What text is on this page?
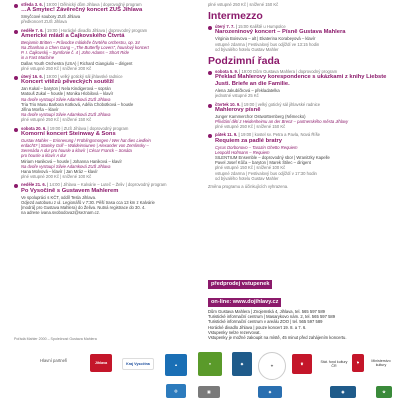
středa 3. 6. | 19:00 | Dělnický dům Jihlava | doprovodný program
…A Smytec! Závěrečný koncert ZUŠ Jihlava
Smyčcové soubory ZUŠ Jihlava
předkoncert ZUŠ Jihlava
neděle 7. 6. | 19:00 | Horácké divadlo Jihlava | doprovodný program
Americké mládí a Čajkovského Čtvrtá
Benjamin Britten – Průvodce mládeže čtvrtého orchestru, op. 34
Na Zhanhao a Chen Gang – „The Butterfly Lovers“, houslový koncert
P. I. Čajkovskij – Symfonie č. 4 | John Adams – Short Ride
in a Fast Machine
Dallas Youth Orchestra (USA) | Richard Giangiulio – dirigent
plné vstupné 250 Kč | snížené 200 Kč
úterý 16. 6. | 19:00 | velký gotický sál jihlavské radnice
Koncert vítězů pěveckých soutěží
Jan Kukal – baryton | Nela Kindigerová – soprán
Matouš Zukal – housle | Monika Hlobilová – klavír
Na dvoře vystoupí Silvie Adamková ZUŠ Jihlava
Tria Trio Musu Barbora Kotková, Adéla Chobotková – housle
Jiřina Morša – klavír
Na dvoře vystoupí Silvie Adamková ZUŠ Jihlava
plné vstupné 250 Kč | snížené 150 Kč
sobota 20. 6. | 19:00 | ZUŠ Jihlava | doprovodný program
Komorní koncert Steinway & Sons
Gustav Mahler – Erinnerung / Frühlingsmorgen / Wer hat dies Liedlein
erdacht? | Stanley Grill – Waldeinsiunen | Alexander von Zemlinsky –
Serenáda A dur pro housle a klavír | César Franck – Sonáta
pro housle a klavír A dur
Miriam Haniková – housle | Johanna Haniková – klavír
Na dvoře vystoupí Silvie Adamková ZUŠ Jihlava
Hana Molvová – klavír | Jan Mráz – klavír
plné vstupné 200 Kč | snížené 100 Kč
neděle 21. 6. | 14:00 | Jihlava – Kalvárie – Luteč – Želiv | doprovodný program
Po Vysočině s Gustavem Mahlerem
Ve spolupráci s KČT, oddíl Tesla Jihlava.
Odjezd autobusu z ul. Legionářů v 7:30. Pěší trasa cca 13 km z Kalvárie
[modrá] pro Gustava Mahlera) do Želiva. Nutná registrace do 30. 4.
na adrese ivana.svobodova2@seznam.cz.
plné vstupné 250 Kč | snížené 150 Kč
Intermezzo
úterý 7. 7. | 15:00 Kaliště u Humpolce
Narozeninový koncert – Písně Gustava Mahlera
Virginia Boisvova – alt | Ekaterina Korabeyová – klavír
vstupné zdarma | Festivalový bus odjíždí ve 13:15 hodin
od bývalého hotelu Gustav Mahler
Podzimní řada
sobota 5. 9. | 19:00 Dům Gustava Mahlera | doprovodný program
Překlad Mahlerovy korespondence s ukázkami z knihy Liebste Justi. Briefe an die Familie.
Alena Jakubíčková – překladatelka
jednotné vstupné 25 Kč
čtvrtek 10. 9. | 19:00 | velký gotický sál jihlavské radnice
Mahlerovy písně
Junger Kammerchor Ostwürttemberg (Německo)
Přivítání děti z Heidenheimu an der Brenz – partnerského města Jihlavy
plné vstupné 250 Kč | snížené 150 Kč
pátek 11. 9. | 19:00 | kostel sv. Petra a Pavla, Nová Říše
Requiem za padlé bratry
Cyrus Dorbonovo – Tarazin Ghetto Requiem
Leopold Hofmann – Requiem
SILENTIUM Ensemble – doprovodný sbor | Wranitzky Kapelle
Pavel Josef Kůča – baryton | Marek Štilec – dirigent
plné vstupné 150 Kč | snížené 100 Kč
vstupné zdarma | Festivalový bus odjíždí v 17:30 hodin
od bývalého hotelu Gustav Mahler
Změna programu a účinkujících vyhrazena.
předprodej vstupenek
on-line: www.dojihlavy.cz
Dům Gustava Mahlera | Znojemská 4, Jihlava, tel. 565 597 589
Turistické informační centrum | Masarykovo nám. 2, tel. 565 597 589
Turistické informační centrum v areálu ZOO | tel. 565 597 589
Horácké divadlo Jihlava | pouze koncert 19. 8. a 7. 6.
Vstupenky nelze rezervovat.
Vstupenky je možné zakoupit na místě, 45 minut před zahájením koncertu.
Pořádá Mahler 2000 – Společnost Gustava Mahlera
Hlavní partneři	Jihlava	Kraj Vysočina	▲	●	◆	✦	♛	Stát. fond kultury ČR
⚑	Ministerstvo kultury
◎	▣	◈	◉	✿
